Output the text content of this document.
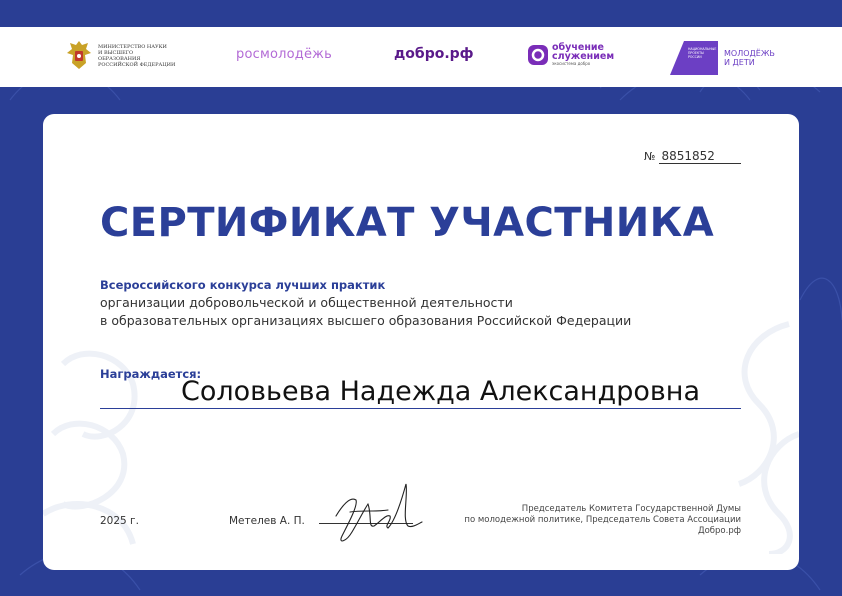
МИНИСТЕРСТВО НАУКИ
И ВЫСШЕГО ОБРАЗОВАНИЯ
РОССИЙСКОЙ ФЕДЕРАЦИИ
росмолодёжь	добро.рф	обучение
служением
экосистема добро
НАЦИОНАЛЬНЫЕ
ПРОЕКТЫ
РОССИИ	МОЛОДЁЖЬ
И ДЕТИ
№ 8851852
СЕРТИФИКАТ УЧАСТНИКА
Всероссийского конкурса лучших практик
организации добровольческой и общественной деятельности
в образовательных организациях высшего образования Российской Федерации
Награждается:
Соловьева Надежда Александровна
2025 г.	Метелев А. П.
Председатель Комитета Государственной Думы
по молодежной политике, Председатель Совета Ассоциации Добро.рф
